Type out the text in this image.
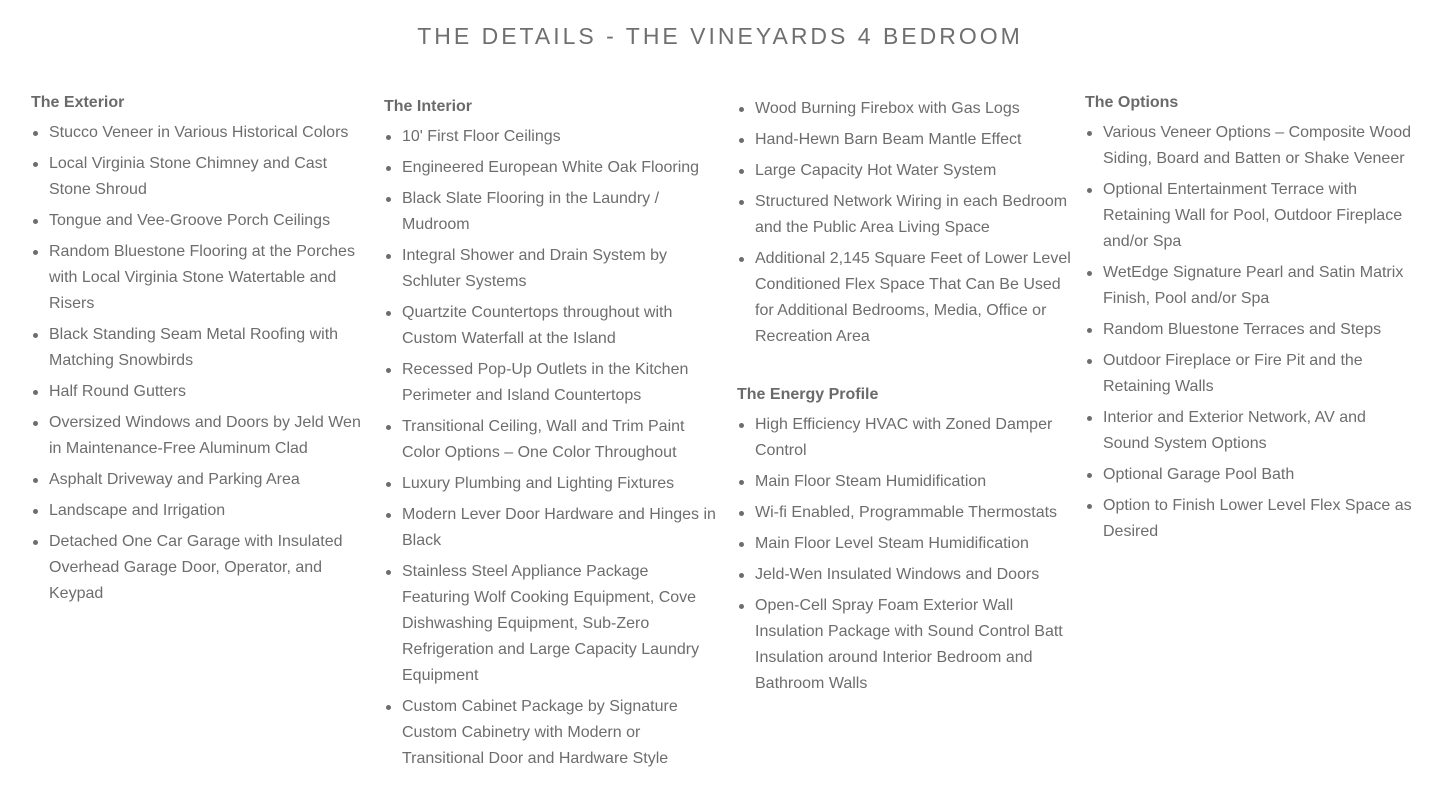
THE DETAILS - THE VINEYARDS 4 BEDROOM
The Exterior
Stucco Veneer in Various Historical Colors
Local Virginia Stone Chimney and Cast Stone Shroud
Tongue and Vee-Groove Porch Ceilings
Random Bluestone Flooring at the Porches with Local Virginia Stone Watertable and Risers
Black Standing Seam Metal Roofing with Matching Snowbirds
Half Round Gutters
Oversized Windows and Doors by Jeld Wen in Maintenance-Free Aluminum Clad
Asphalt Driveway and Parking Area
Landscape and Irrigation
Detached One Car Garage with Insulated Overhead Garage Door, Operator, and Keypad
The Interior
10' First Floor Ceilings
Engineered European White Oak Flooring
Black Slate Flooring in the Laundry / Mudroom
Integral Shower and Drain System by Schluter Systems
Quartzite Countertops throughout with Custom Waterfall at the Island
Recessed Pop-Up Outlets in the Kitchen Perimeter and Island Countertops
Transitional Ceiling, Wall and Trim Paint Color Options – One Color Throughout
Luxury Plumbing and Lighting Fixtures
Modern Lever Door Hardware and Hinges in Black
Stainless Steel Appliance Package Featuring Wolf Cooking Equipment, Cove Dishwashing Equipment, Sub-Zero Refrigeration and Large Capacity Laundry Equipment
Custom Cabinet Package by Signature Custom Cabinetry with Modern or Transitional Door and Hardware Style
Wood Burning Firebox with Gas Logs
Hand-Hewn Barn Beam Mantle Effect
Large Capacity Hot Water System
Structured Network Wiring in each Bedroom and the Public Area Living Space
Additional 2,145 Square Feet of Lower Level Conditioned Flex Space That Can Be Used for Additional Bedrooms, Media, Office or Recreation Area
The Energy Profile
High Efficiency HVAC with Zoned Damper Control
Main Floor Steam Humidification
Wi-fi Enabled, Programmable Thermostats
Main Floor Level Steam Humidification
Jeld-Wen Insulated Windows and Doors
Open-Cell Spray Foam Exterior Wall Insulation Package with Sound Control Batt Insulation around Interior Bedroom and Bathroom Walls
The Options
Various Veneer Options – Composite Wood Siding, Board and Batten or Shake Veneer
Optional Entertainment Terrace with Retaining Wall for Pool, Outdoor Fireplace and/or Spa
WetEdge Signature Pearl and Satin Matrix Finish, Pool and/or Spa
Random Bluestone Terraces and Steps
Outdoor Fireplace or Fire Pit and the Retaining Walls
Interior and Exterior Network, AV and Sound System Options
Optional Garage Pool Bath
Option to Finish Lower Level Flex Space as Desired
